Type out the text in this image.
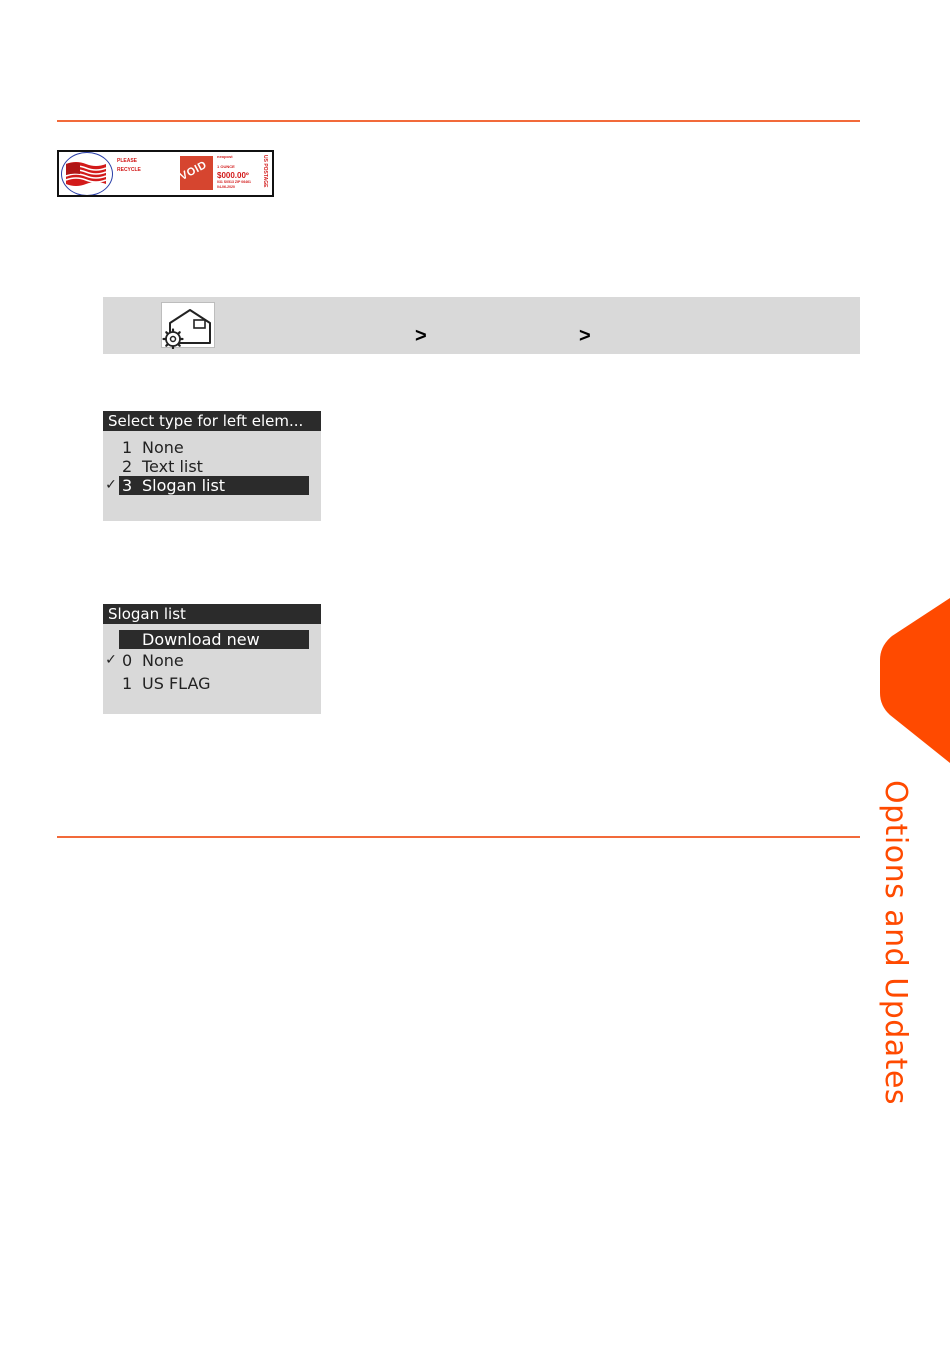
PLEASE
RECYCLE	VOID
neopost
1 OUNCE
$000.00º
031 S0513 ZIP 06461
04-06-2020	US POSTAGE
>	>
Select type for left elem...
1 None
2 Text list
✓ 3 Slogan list
Slogan list
Download new
✓ 0 None
1 US FLAG
Options and Updates
